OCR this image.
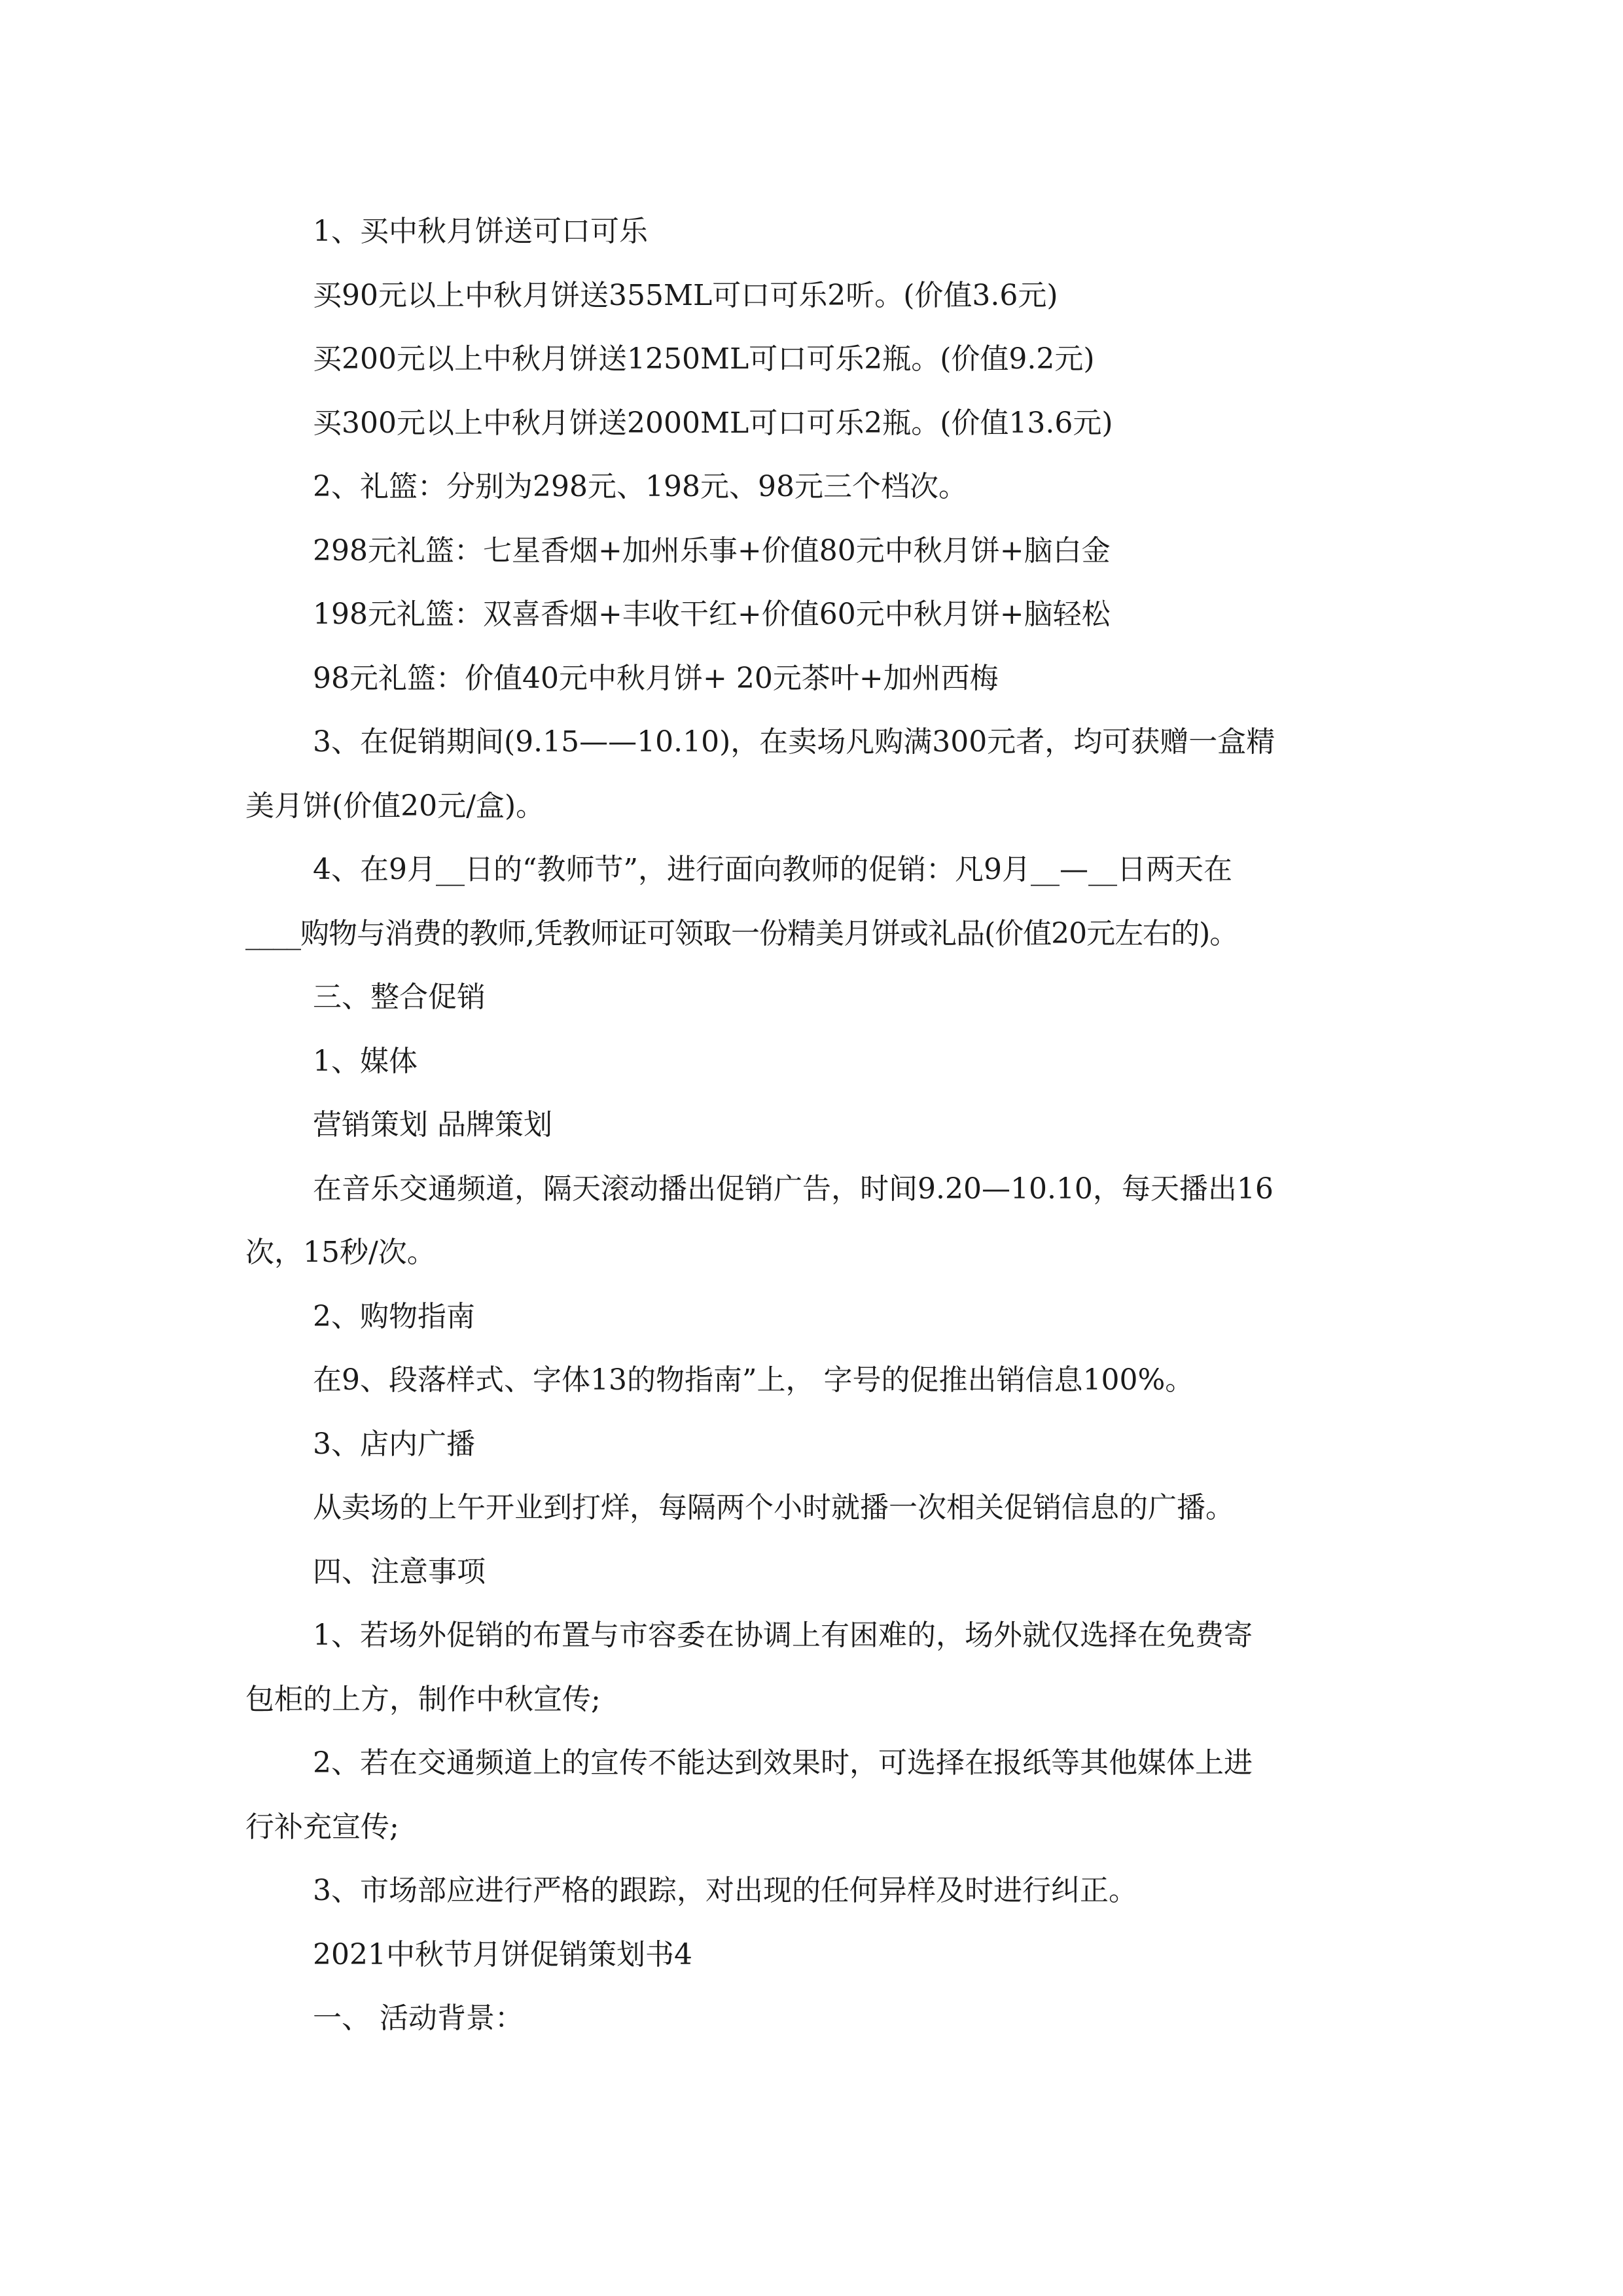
1、买中秋月饼送可口可乐

买90元以上中秋月饼送355ML可口可乐2听。(价值3.6元)

买200元以上中秋月饼送1250ML可口可乐2瓶。(价值9.2元)

买300元以上中秋月饼送2000ML可口可乐2瓶。(价值13.6元)

2、礼篮：分别为298元、198元、98元三个档次。

298元礼篮：七星香烟+加州乐事+价值80元中秋月饼+脑白金

198元礼篮：双喜香烟+丰收干红+价值60元中秋月饼+脑轻松

98元礼篮：价值40元中秋月饼+ 20元茶叶+加州西梅

3、在促销期间(9.15——10.10)，在卖场凡购满300元者，均可获赠一盒精

美月饼(价值20元/盒)。

4、在9月__日的“教师节”，进行面向教师的促销：凡9月__—__日两天在

____购物与消费的教师,凭教师证可领取一份精美月饼或礼品(价值20元左右的)。

三、整合促销

1、媒体

营销策划 品牌策划

在音乐交通频道，隔天滚动播出促销广告，时间9.20—10.10，每天播出16

次，15秒/次。

2、购物指南

在9、段落样式、字体13的物指南”上， 字号的促推出销信息100%。

3、店内广播

从卖场的上午开业到打烊，每隔两个小时就播一次相关促销信息的广播。

四、注意事项

1、若场外促销的布置与市容委在协调上有困难的，场外就仅选择在免费寄

包柜的上方，制作中秋宣传;

2、若在交通频道上的宣传不能达到效果时，可选择在报纸等其他媒体上进

行补充宣传;

3、市场部应进行严格的跟踪，对出现的任何异样及时进行纠正。

2021中秋节月饼促销策划书4

一、 活动背景：
